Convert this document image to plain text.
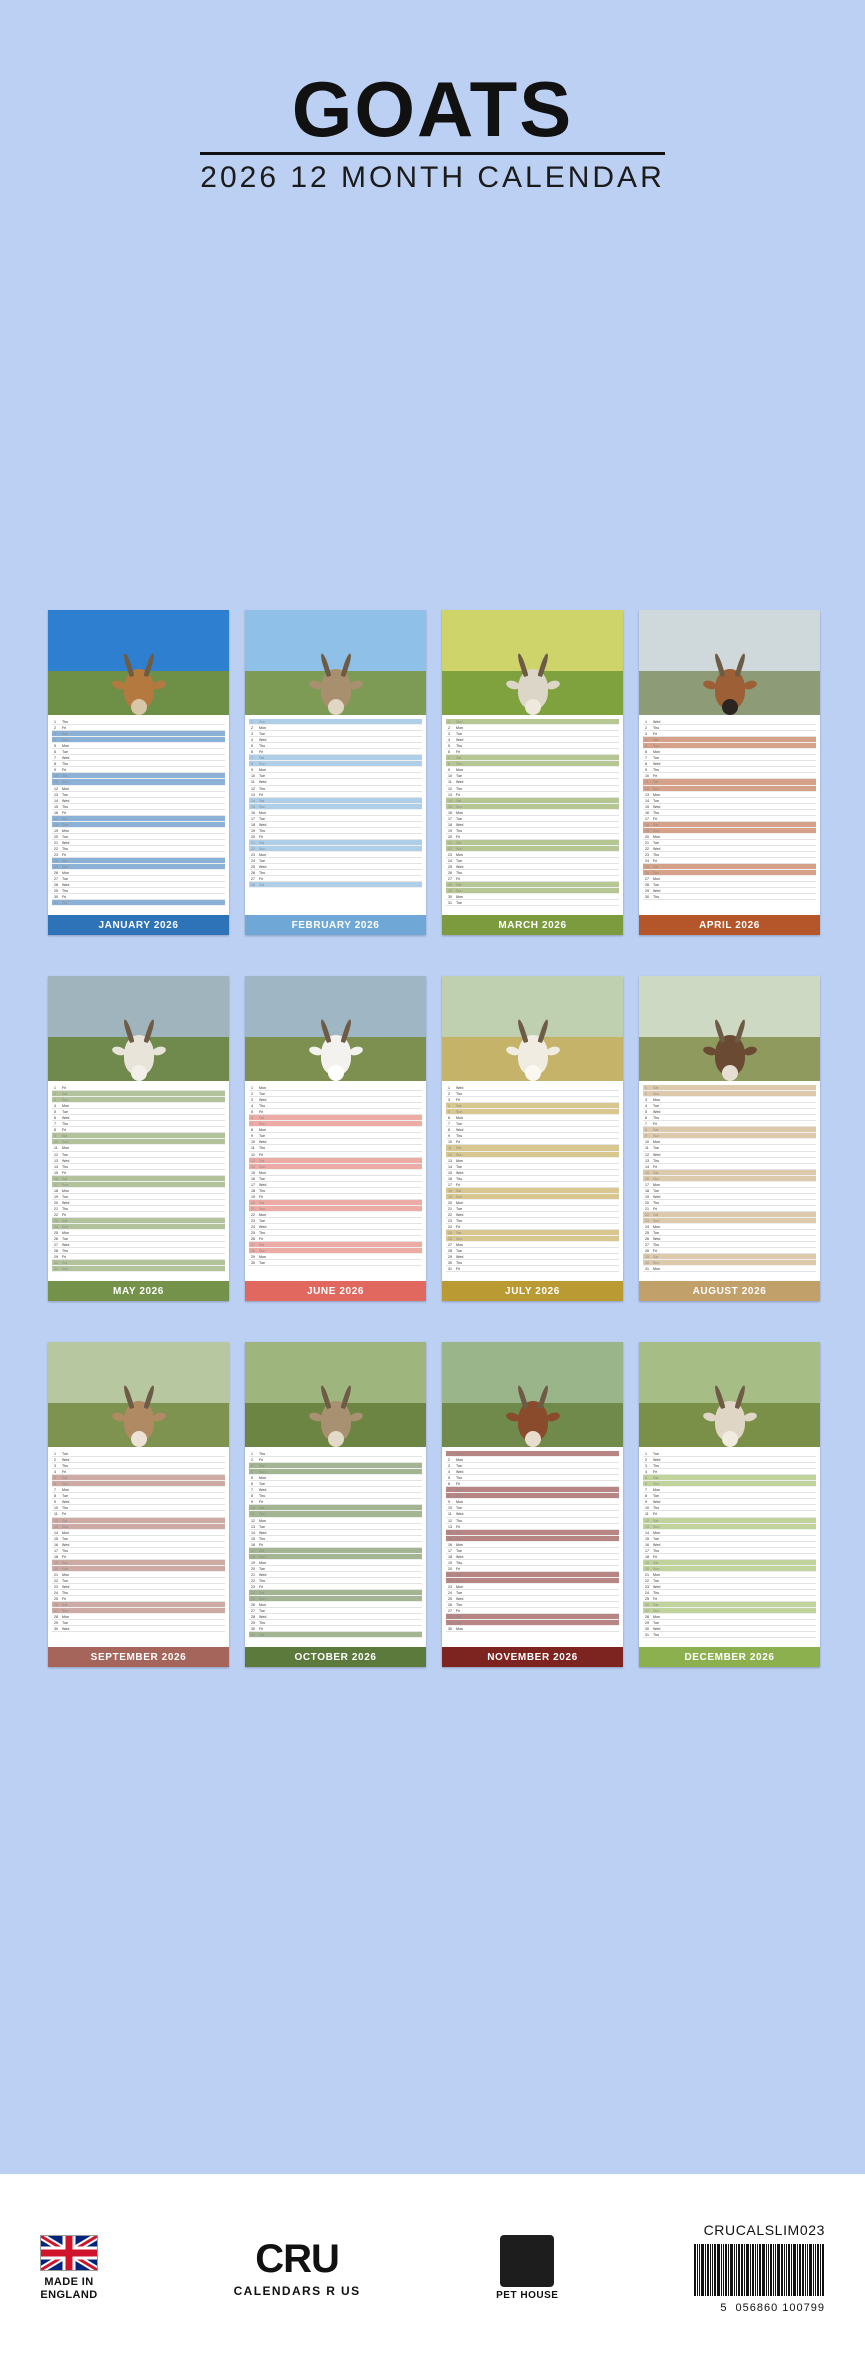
GOATS
2026 12 MONTH CALENDAR
1 Thu
2 Fri
3 Sat
4 Sun
5 Mon
6 Tue
7 Wed
8 Thu
9 Fri
10 Sat
11 Sun
12 Mon
13 Tue
14 Wed
15 Thu
16 Fri
17 Sat
18 Sun
19 Mon
20 Tue
21 Wed
22 Thu
23 Fri
24 Sat
25 Sun
26 Mon
27 Tue
28 Wed
29 Thu
30 Fri
31 Sat
JANUARY 2026
1 Sun
2 Mon
3 Tue
4 Wed
5 Thu
6 Fri
7 Sat
8 Sun
9 Mon
10 Tue
11 Wed
12 Thu
13 Fri
14 Sat
15 Sun
16 Mon
17 Tue
18 Wed
19 Thu
20 Fri
21 Sat
22 Sun
23 Mon
24 Tue
25 Wed
26 Thu
27 Fri
28 Sat
FEBRUARY 2026
1 Sun
2 Mon
3 Tue
4 Wed
5 Thu
6 Fri
7 Sat
8 Sun
9 Mon
10 Tue
11 Wed
12 Thu
13 Fri
14 Sat
15 Sun
16 Mon
17 Tue
18 Wed
19 Thu
20 Fri
21 Sat
22 Sun
23 Mon
24 Tue
25 Wed
26 Thu
27 Fri
28 Sat
29 Sun
30 Mon
31 Tue
MARCH 2026
1 Wed
2 Thu
3 Fri
4 Sat
5 Sun
6 Mon
7 Tue
8 Wed
9 Thu
10 Fri
11 Sat
12 Sun
13 Mon
14 Tue
15 Wed
16 Thu
17 Fri
18 Sat
19 Sun
20 Mon
21 Tue
22 Wed
23 Thu
24 Fri
25 Sat
26 Sun
27 Mon
28 Tue
29 Wed
30 Thu
APRIL 2026
1 Fri
2 Sat
3 Sun
4 Mon
5 Tue
6 Wed
7 Thu
8 Fri
9 Sat
10 Sun
11 Mon
12 Tue
13 Wed
14 Thu
15 Fri
16 Sat
17 Sun
18 Mon
19 Tue
20 Wed
21 Thu
22 Fri
23 Sat
24 Sun
25 Mon
26 Tue
27 Wed
28 Thu
29 Fri
30 Sat
31 Sun
MAY 2026
1 Mon
2 Tue
3 Wed
4 Thu
5 Fri
6 Sat
7 Sun
8 Mon
9 Tue
10 Wed
11 Thu
12 Fri
13 Sat
14 Sun
15 Mon
16 Tue
17 Wed
18 Thu
19 Fri
20 Sat
21 Sun
22 Mon
23 Tue
24 Wed
25 Thu
26 Fri
27 Sat
28 Sun
29 Mon
30 Tue
JUNE 2026
1 Wed
2 Thu
3 Fri
4 Sat
5 Sun
6 Mon
7 Tue
8 Wed
9 Thu
10 Fri
11 Sat
12 Sun
13 Mon
14 Tue
15 Wed
16 Thu
17 Fri
18 Sat
19 Sun
20 Mon
21 Tue
22 Wed
23 Thu
24 Fri
25 Sat
26 Sun
27 Mon
28 Tue
29 Wed
30 Thu
31 Fri
JULY 2026
1 Sat
2 Sun
3 Mon
4 Tue
5 Wed
6 Thu
7 Fri
8 Sat
9 Sun
10 Mon
11 Tue
12 Wed
13 Thu
14 Fri
15 Sat
16 Sun
17 Mon
18 Tue
19 Wed
20 Thu
21 Fri
22 Sat
23 Sun
24 Mon
25 Tue
26 Wed
27 Thu
28 Fri
29 Sat
30 Sun
31 Mon
AUGUST 2026
1 Tue
2 Wed
3 Thu
4 Fri
5 Sat
6 Sun
7 Mon
8 Tue
9 Wed
10 Thu
11 Fri
12 Sat
13 Sun
14 Mon
15 Tue
16 Wed
17 Thu
18 Fri
19 Sat
20 Sun
21 Mon
22 Tue
23 Wed
24 Thu
25 Fri
26 Sat
27 Sun
28 Mon
29 Tue
30 Wed
SEPTEMBER 2026
1 Thu
2 Fri
3 Sat
4 Sun
5 Mon
6 Tue
7 Wed
8 Thu
9 Fri
10 Sat
11 Sun
12 Mon
13 Tue
14 Wed
15 Thu
16 Fri
17 Sat
18 Sun
19 Mon
20 Tue
21 Wed
22 Thu
23 Fri
24 Sat
25 Sun
26 Mon
27 Tue
28 Wed
29 Thu
30 Fri
31 Sat
OCTOBER 2026
1 Sun
2 Mon
3 Tue
4 Wed
5 Thu
6 Fri
7 Sat
8 Sun
9 Mon
10 Tue
11 Wed
12 Thu
13 Fri
14 Sat
15 Sun
16 Mon
17 Tue
18 Wed
19 Thu
20 Fri
21 Sat
22 Sun
23 Mon
24 Tue
25 Wed
26 Thu
27 Fri
28 Sat
29 Sun
30 Mon
NOVEMBER 2026
1 Tue
2 Wed
3 Thu
4 Fri
5 Sat
6 Sun
7 Mon
8 Tue
9 Wed
10 Thu
11 Fri
12 Sat
13 Sun
14 Mon
15 Tue
16 Wed
17 Thu
18 Fri
19 Sat
20 Sun
21 Mon
22 Tue
23 Wed
24 Thu
25 Fri
26 Sat
27 Sun
28 Mon
29 Tue
30 Wed
31 Thu
DECEMBER 2026
MADE IN
ENGLAND
CRU
CALENDARS R US	PET HOUSE
CRUCALSLIM023
5 056860 100799
